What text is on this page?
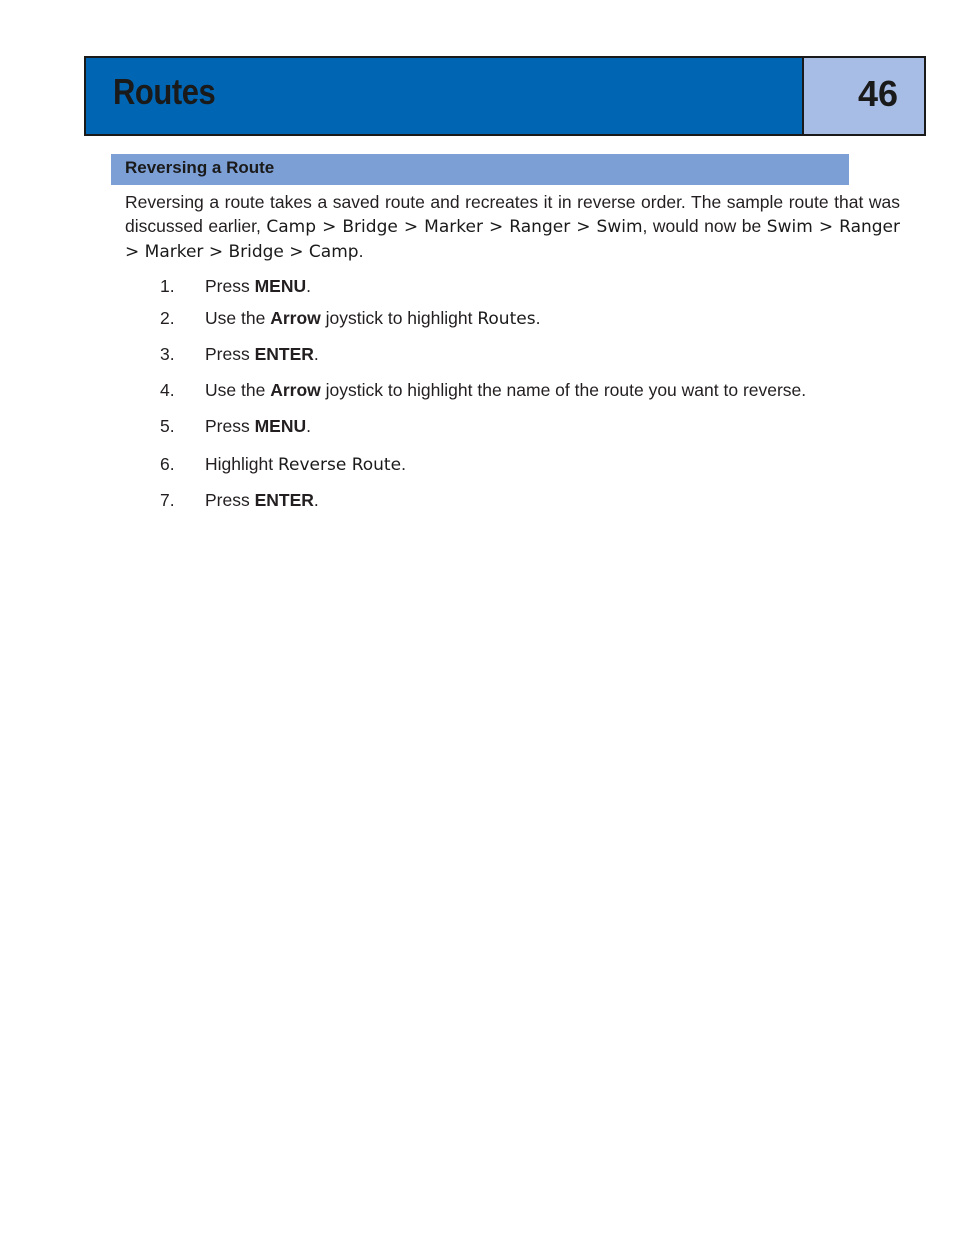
Routes	46
Reversing a Route
Reversing a route takes a saved route and recreates it in reverse order. The sample route that was discussed earlier, Camp > Bridge > Marker > Ranger > Swim, would now be Swim > Ranger > Marker > Bridge > Camp.
1. Press MENU.
2. Use the Arrow joystick to highlight Routes.
3. Press ENTER.
4. Use the Arrow joystick to highlight the name of the route you want to reverse.
5. Press MENU.
6. Highlight Reverse Route.
7. Press ENTER.
